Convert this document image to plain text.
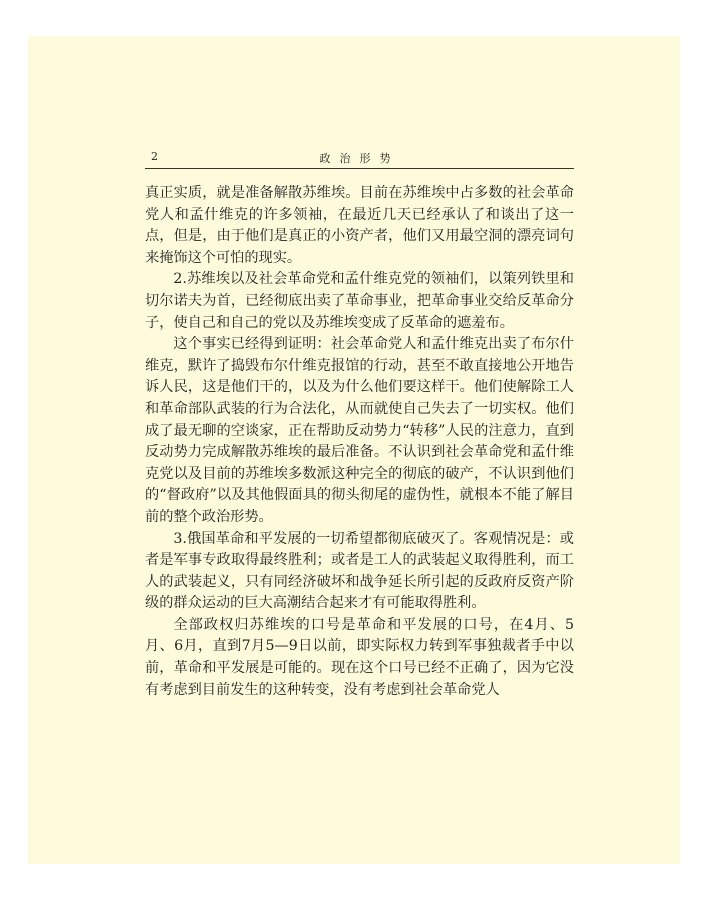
2	政治形势

真正实质，就是准备解散苏维埃。目前在苏维埃中占多数的社会革命党人和孟什维克的许多领袖，在最近几天已经承认了和谈出了这一点，但是，由于他们是真正的小资产者，他们又用最空洞的漂亮词句来掩饰这个可怕的现实。

2.苏维埃以及社会革命党和孟什维克党的领袖们，以策列铁里和切尔诺夫为首，已经彻底出卖了革命事业，把革命事业交给反革命分子，使自己和自己的党以及苏维埃变成了反革命的遮羞布。

这个事实已经得到证明：社会革命党人和孟什维克出卖了布尔什维克，默许了捣毁布尔什维克报馆的行动，甚至不敢直接地公开地告诉人民，这是他们干的，以及为什么他们要这样干。他们使解除工人和革命部队武装的行为合法化，从而就使自己失去了一切实权。他们成了最无聊的空谈家，正在帮助反动势力“转移”人民的注意力，直到反动势力完成解散苏维埃的最后准备。不认识到社会革命党和孟什维克党以及目前的苏维埃多数派这种完全的彻底的破产，不认识到他们的“督政府”以及其他假面具的彻头彻尾的虚伪性，就根本不能了解目前的整个政治形势。

3.俄国革命和平发展的一切希望都彻底破灭了。客观情况是：或者是军事专政取得最终胜利；或者是工人的武装起义取得胜利，而工人的武装起义，只有同经济破坏和战争延长所引起的反政府反资产阶级的群众运动的巨大高潮结合起来才有可能取得胜利。

全部政权归苏维埃的口号是革命和平发展的口号，在4月、5月、6月，直到7月5—9日以前，即实际权力转到军事独裁者手中以前，革命和平发展是可能的。现在这个口号已经不正确了，因为它没有考虑到目前发生的这种转变，没有考虑到社会革命党人
